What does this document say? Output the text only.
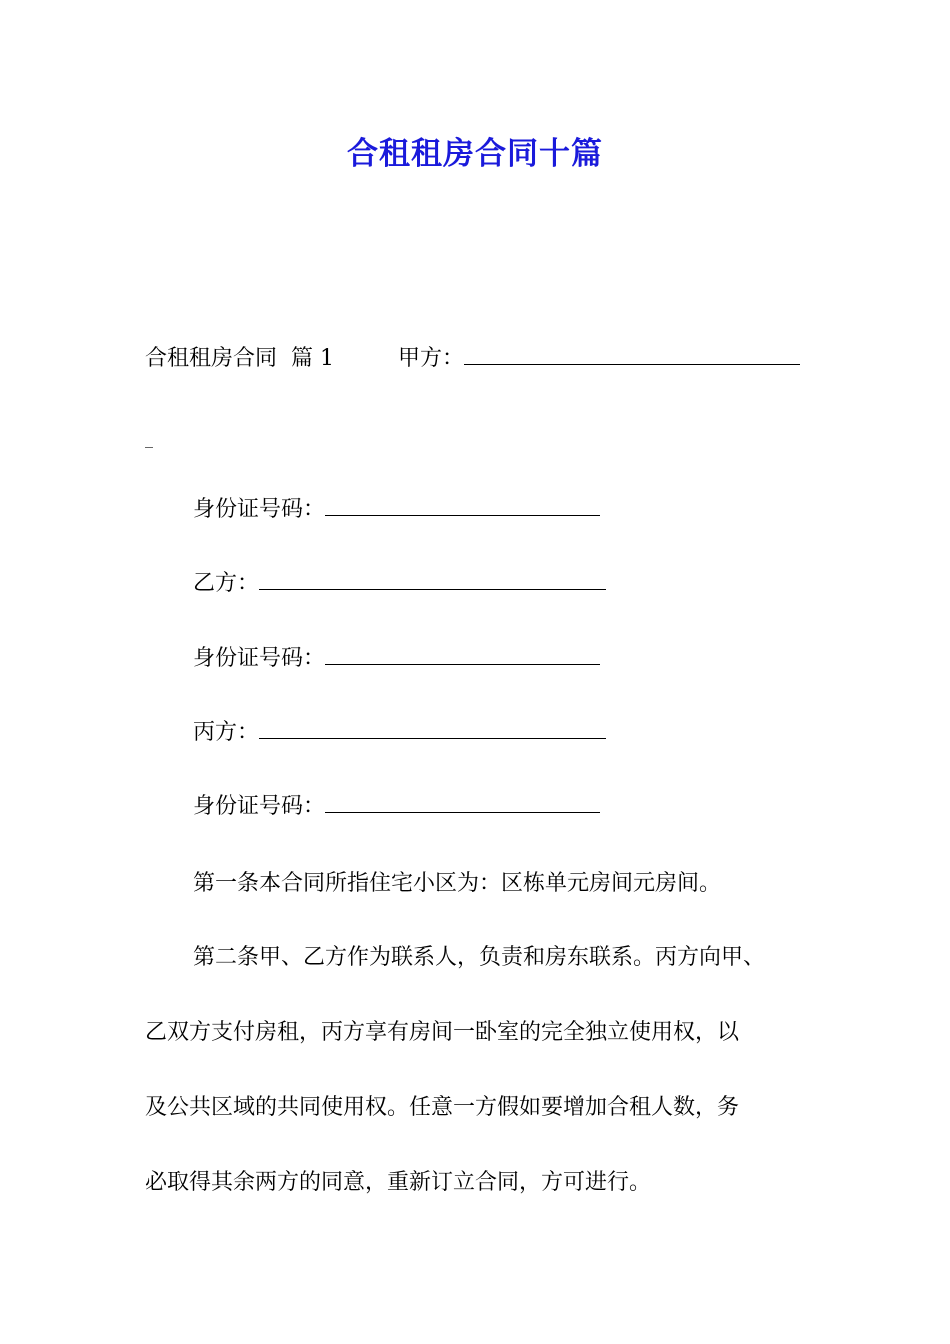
合租租房合同十篇
合租租房合同  篇 1	甲方：
_
身份证号码：
乙方：
身份证号码：
丙方：
身份证号码：
第一条本合同所指住宅小区为：区栋单元房间元房间。
第二条甲、乙方作为联系人，负责和房东联系。丙方向甲、
乙双方支付房租，丙方享有房间一卧室的完全独立使用权，以
及公共区域的共同使用权。任意一方假如要增加合租人数，务
必取得其余两方的同意，重新订立合同，方可进行。
